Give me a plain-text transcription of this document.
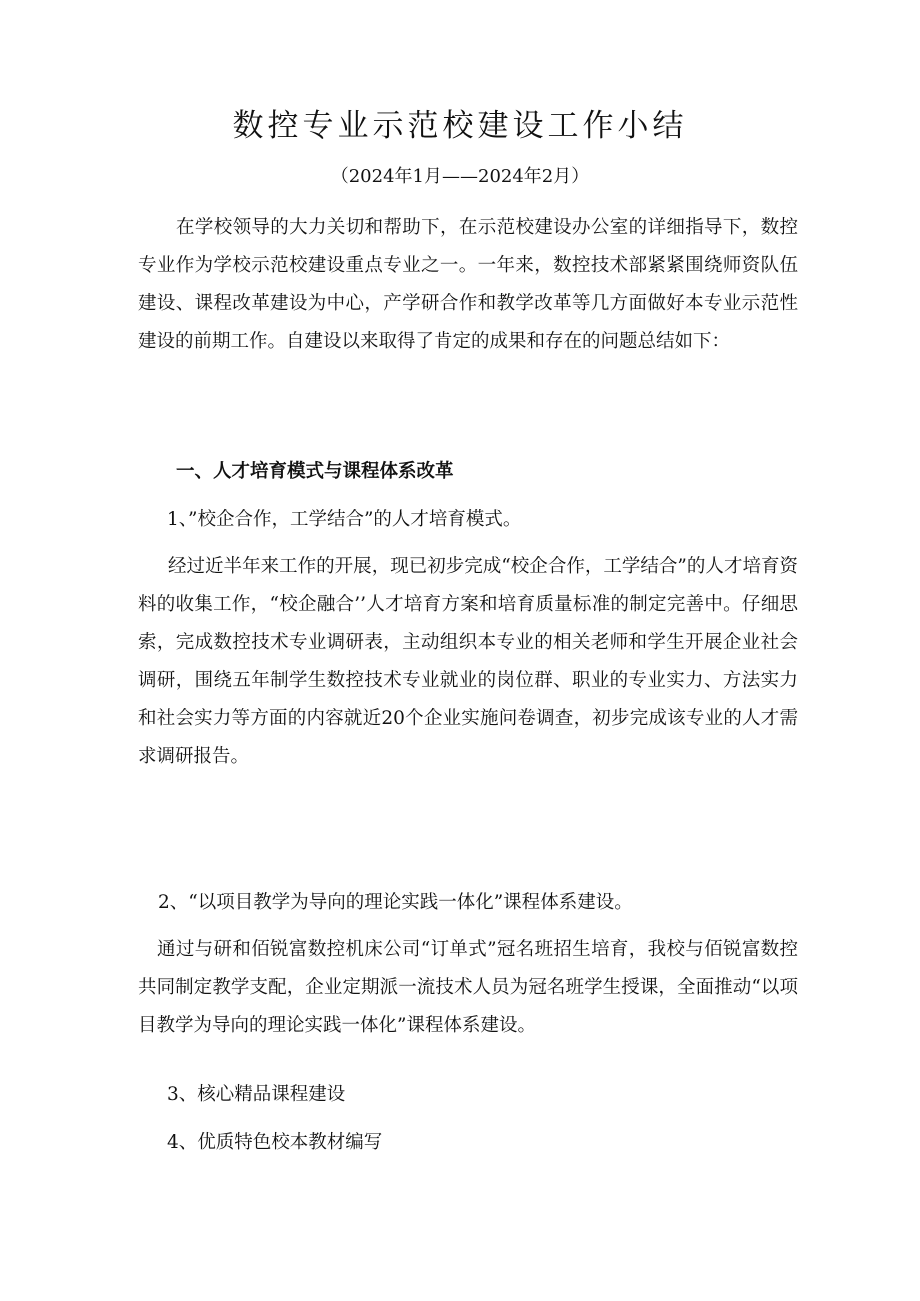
数控专业示范校建设工作小结
（2024年1月——2024年2月）
在学校领导的大力关切和帮助下，在示范校建设办公室的详细指导下，数控专业作为学校示范校建设重点专业之一。一年来，数控技术部紧紧围绕师资队伍建设、课程改革建设为中心，产学研合作和教学改革等几方面做好本专业示范性建设的前期工作。自建设以来取得了肯定的成果和存在的问题总结如下：
一、人才培育模式与课程体系改革
1、”校企合作，工学结合”的人才培育模式。
经过近半年来工作的开展，现已初步完成“校企合作，工学结合”的人才培育资料的收集工作，“校企融合’’人才培育方案和培育质量标准的制定完善中。仔细思索，完成数控技术专业调研表，主动组织本专业的相关老师和学生开展企业社会调研，围绕五年制学生数控技术专业就业的岗位群、职业的专业实力、方法实力和社会实力等方面的内容就近20个企业实施问卷调查，初步完成该专业的人才需求调研报告。
2、“以项目教学为导向的理论实践一体化”课程体系建设。
通过与研和佰锐富数控机床公司“订单式”冠名班招生培育，我校与佰锐富数控共同制定教学支配，企业定期派一流技术人员为冠名班学生授课，全面推动“以项目教学为导向的理论实践一体化”课程体系建设。
3、核心精品课程建设
4、优质特色校本教材编写
